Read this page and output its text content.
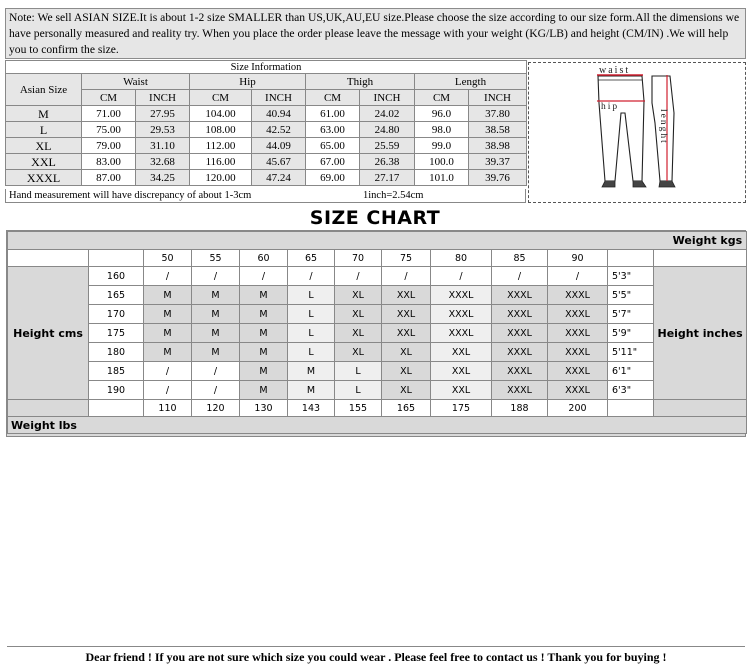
Note: We sell ASIAN SIZE.It is about 1-2 size SMALLER than US,UK,AU,EU size.Please choose the size according to our size form.All the dimensions we have personally measured and reality try. When you place the order please leave the message with your weight (KG/LB) and height (CM/IN) .We will help you to confirm the size.
Size Information								
Asian Size	Waist		Hip		Thigh		Length	
	CM	INCH	CM	INCH	CM	INCH	CM	INCH
M	71.00	27.95	104.00	40.94	61.00	24.02	96.0	37.80
L	75.00	29.53	108.00	42.52	63.00	24.80	98.0	38.58
XL	79.00	31.10	112.00	44.09	65.00	25.59	99.0	38.98
XXL	83.00	32.68	116.00	45.67	67.00	26.38	100.0	39.37
XXXL	87.00	34.25	120.00	47.24	69.00	27.17	101.0	39.76
Hand measurement will have discrepancy of about 1-3cm	1inch=2.54cm
waist
hip
lenght
SIZE CHART
Weight kgs												
		50	55	60	65	70	75	80	85	90		
Height cms	160	/	/	/	/	/	/	/	/	/	5'3"	Height inches
	165	M	M	M	L	XL	XXL	XXXL	XXXL	XXXL	5'5"	
	170	M	M	M	L	XL	XXL	XXXL	XXXL	XXXL	5'7"	
	175	M	M	M	L	XL	XXL	XXXL	XXXL	XXXL	5'9"	
	180	M	M	M	L	XL	XL	XXL	XXXL	XXXL	5'11"	
	185	/	/	M	M	L	XL	XXL	XXXL	XXXL	6'1"	
	190	/	/	M	M	L	XL	XXL	XXXL	XXXL	6'3"	
		110	120	130	143	155	165	175	188	200		
Weight lbs												
Dear friend ! If you are not sure which size you could wear . Please feel free to contact us ! Thank you for buying !
